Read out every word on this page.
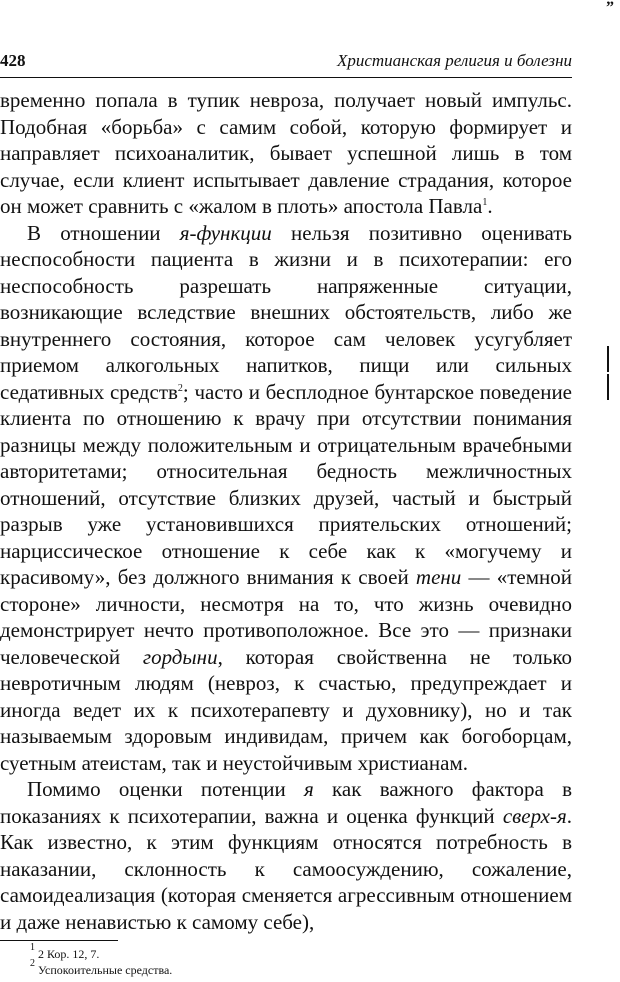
”
428	Христианская религия и болезни

временно попала в тупик невроза, получает новый импульс. Подобная «борьба» с самим собой, которую формирует и направляет психоаналитик, бывает успешной лишь в том случае, если клиент испытывает давление страдания, которое он может сравнить с «жалом в плоть» апостола Павла$^1$.

В отношении я-функции нельзя позитивно оценивать неспособности пациента в жизни и в психотерапии: его неспособность разрешать напряженные ситуации, возникающие вследствие внешних обстоятельств, либо же внутреннего состояния, которое сам человек усугубляет приемом алкогольных напитков, пищи или сильных седативных средств$^2$; часто и бесплодное бунтарское поведение клиента по отношению к врачу при отсутствии понимания разницы между положительным и отрицательным врачебными авторитетами; относительная бедность межличностных отношений, отсутствие близких друзей, частый и быстрый разрыв уже установившихся приятельских отношений; нарциссическое отношение к себе как к «могучему и красивому», без должного внимания к своей тени — «темной стороне» личности, несмотря на то, что жизнь очевидно демонстрирует нечто противоположное. Все это — признаки человеческой гордыни, которая свойственна не только невротичным людям (невроз, к счастью, предупреждает и иногда ведет их к психотерапевту и духовнику), но и так называемым здоровым индивидам, причем как богоборцам, суетным атеистам, так и неустойчивым христианам.

Помимо оценки потенции я как важного фактора в показаниях к психотерапии, важна и оценка функций сверх-я. Как известно, к этим функциям относятся потребность в наказании, склонность к самоосуждению, сожаление, самоидеализация (которая сменяется агрессивным отношением и даже ненавистью к самому себе),

$^1$ 2 Кор. 12, 7.
$^2$ Успокоительные средства.
